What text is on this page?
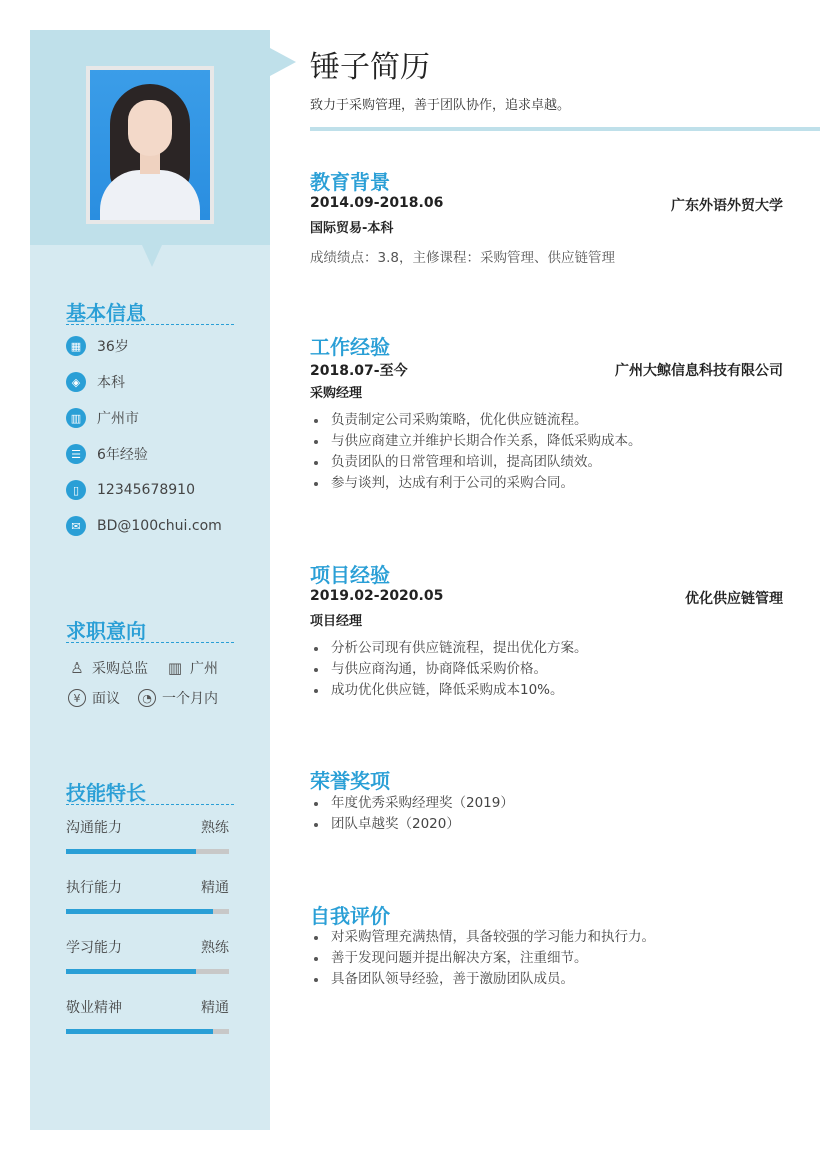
基本信息
▦	36岁
◈	本科
▥	广州市
☰	6年经验
▯	12345678910
✉	BD@100chui.com
求职意向
♙ 采购总监 ▥ 广州
¥ 面议	◔ 一个月内
技能特长
沟通能力	熟练
执行能力	精通
学习能力	熟练
敬业精神	精通
锤子简历
致力于采购管理，善于团队协作，追求卓越。
教育背景
2014.09-2018.06	广东外语外贸大学
国际贸易-本科
成绩绩点：3.8，主修课程：采购管理、供应链管理
工作经验
2018.07-至今	广州大鲸信息科技有限公司
采购经理
负责制定公司采购策略，优化供应链流程。
与供应商建立并维护长期合作关系，降低采购成本。
负责团队的日常管理和培训，提高团队绩效。
参与谈判，达成有利于公司的采购合同。
项目经验
2019.02-2020.05	优化供应链管理
项目经理
分析公司现有供应链流程，提出优化方案。
与供应商沟通，协商降低采购价格。
成功优化供应链，降低采购成本10%。
荣誉奖项
年度优秀采购经理奖（2019）
团队卓越奖（2020）
自我评价
对采购管理充满热情，具备较强的学习能力和执行力。
善于发现问题并提出解决方案，注重细节。
具备团队领导经验，善于激励团队成员。
